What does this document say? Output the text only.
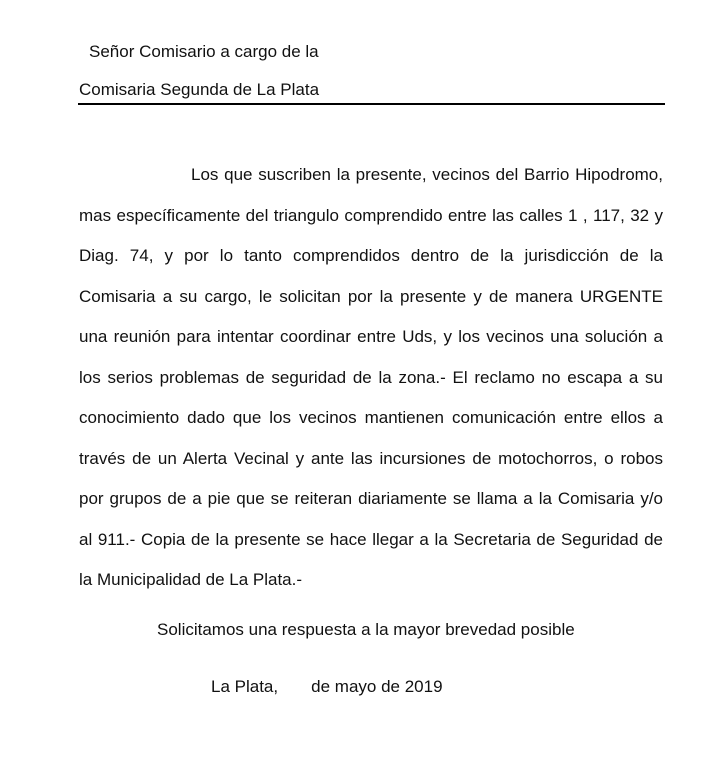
Señor Comisario a cargo de la
Comisaria Segunda de La Plata

Los que suscriben la presente, vecinos del Barrio Hipodromo, mas específicamente del triangulo comprendido entre las calles 1 , 117, 32 y Diag. 74, y por lo tanto comprendidos dentro de la jurisdicción de la Comisaria a su cargo, le solicitan por la presente y de manera URGENTE una reunión para intentar coordinar entre Uds, y los vecinos una solución a los serios problemas de seguridad de la zona.- El reclamo no escapa a su conocimiento dado que los vecinos mantienen comunicación entre ellos a través de un Alerta Vecinal y ante las incursiones de motochorros, o robos por grupos de a pie que se reiteran diariamente se llama a la Comisaria y/o al 911.- Copia de la presente se hace llegar a la Secretaria de Seguridad de la Municipalidad de La Plata.-

Solicitamos una respuesta a la mayor brevedad posible
La Plata, de mayo de 2019
